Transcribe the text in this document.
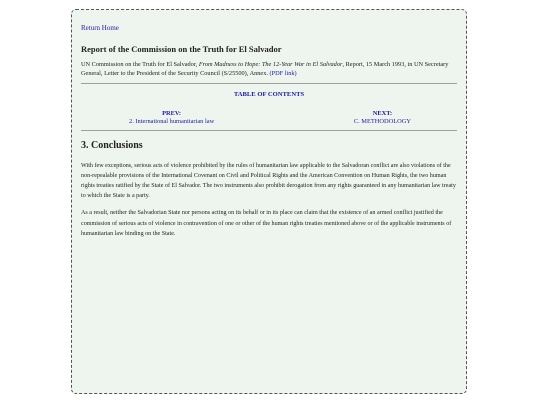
Return Home
Report of the Commission on the Truth for El Salvador
UN Commission on the Truth for El Salvador, From Madness to Hope: The 12-Year War in El Salvador, Report, 15 March 1993, in UN Secretary General, Letter to the President of the Security Council (S/25500), Annex. (PDF link)
TABLE OF CONTENTS
PREV:
2. International humanitarian law
NEXT:
C. METHODOLOGY
3. Conclusions

With few exceptions, serious acts of violence prohibited by the rules of humanitarian law applicable to the Salvadoran conflict are also violations of the non-repealable provisions of the International Covenant on Civil and Political Rights and the American Convention on Human Rights, the two human rights treaties ratified by the State of El Salvador. The two instruments also prohibit derogation from any rights guaranteed in any humanitarian law treaty to which the State is a party.

As a result, neither the Salvadorian State nor persons acting on its behalf or in its place can claim that the existence of an armed conflict justified the commission of serious acts of violence in contravention of one or other of the human rights treaties mentioned above or of the applicable instruments of humanitarian law binding on the State.
